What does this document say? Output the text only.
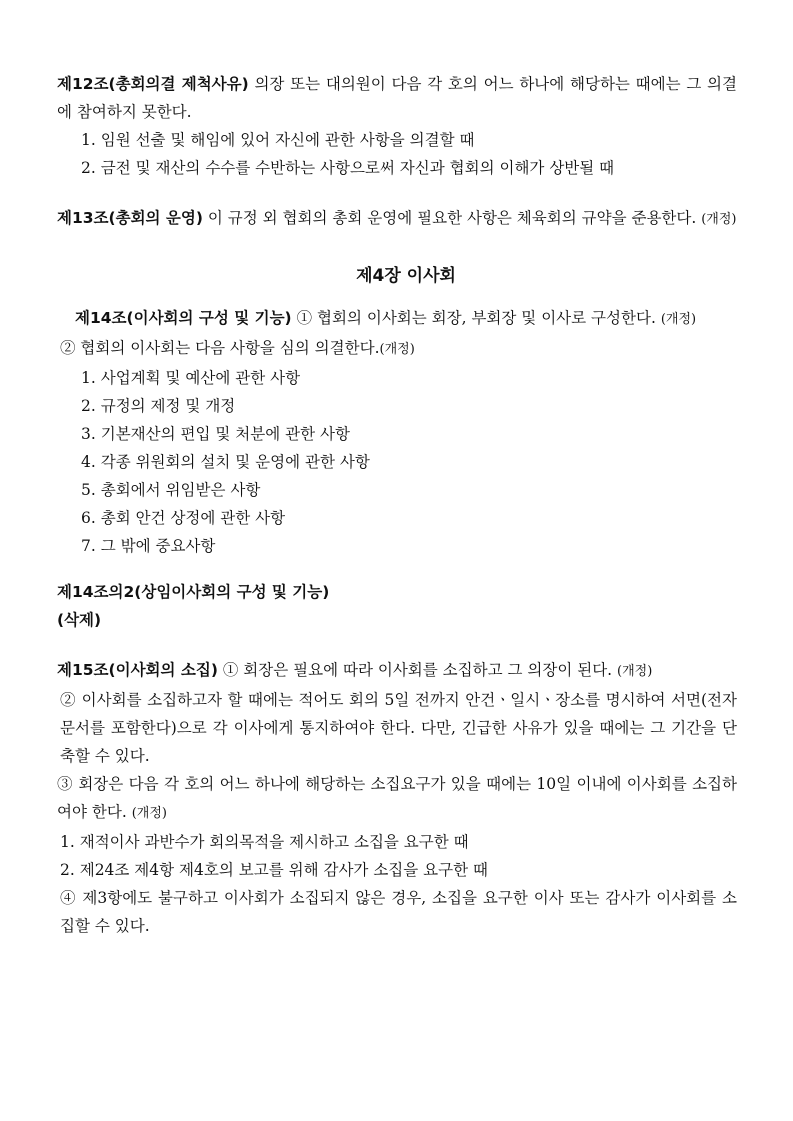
제12조(총회의결 제척사유) 의장 또는 대의원이 다음 각 호의 어느 하나에 해당하는 때에는 그 의결에 참여하지 못한다.

1. 임원 선출 및 해임에 있어 자신에 관한 사항을 의결할 때
2. 금전 및 재산의 수수를 수반하는 사항으로써 자신과 협회의 이해가 상반될 때

제13조(총회의 운영) 이 규정 외 협회의 총회 운영에 필요한 사항은 체육회의 규약을 준용한다. (개정)

제4장 이사회

제14조(이사회의 구성 및 기능) ① 협회의 이사회는 회장, 부회장 및 이사로 구성한다. (개정)

② 협회의 이사회는 다음 사항을 심의 의결한다.(개정)
1. 사업계획 및 예산에 관한 사항
2. 규정의 제정 및 개정
3. 기본재산의 편입 및 처분에 관한 사항
4. 각종 위원회의 설치 및 운영에 관한 사항
5. 총회에서 위임받은 사항
6. 총회 안건 상정에 관한 사항
7. 그 밖에 중요사항
제14조의2(상임이사회의 구성 및 기능)
(삭제)

제15조(이사회의 소집) ① 회장은 필요에 따라 이사회를 소집하고 그 의장이 된다. (개정)

② 이사회를 소집하고자 할 때에는 적어도 회의 5일 전까지 안건ㆍ일시ㆍ장소를 명시하여 서면(전자문서를 포함한다)으로 각 이사에게 통지하여야 한다. 다만, 긴급한 사유가 있을 때에는 그 기간을 단축할 수 있다.

③ 회장은 다음 각 호의 어느 하나에 해당하는 소집요구가 있을 때에는 10일 이내에 이사회를 소집하여야 한다. (개정)

1. 재적이사 과반수가 회의목적을 제시하고 소집을 요구한 때
2. 제24조 제4항 제4호의 보고를 위해 감사가 소집을 요구한 때

④ 제3항에도 불구하고 이사회가 소집되지 않은 경우, 소집을 요구한 이사 또는 감사가 이사회를 소집할 수 있다.
